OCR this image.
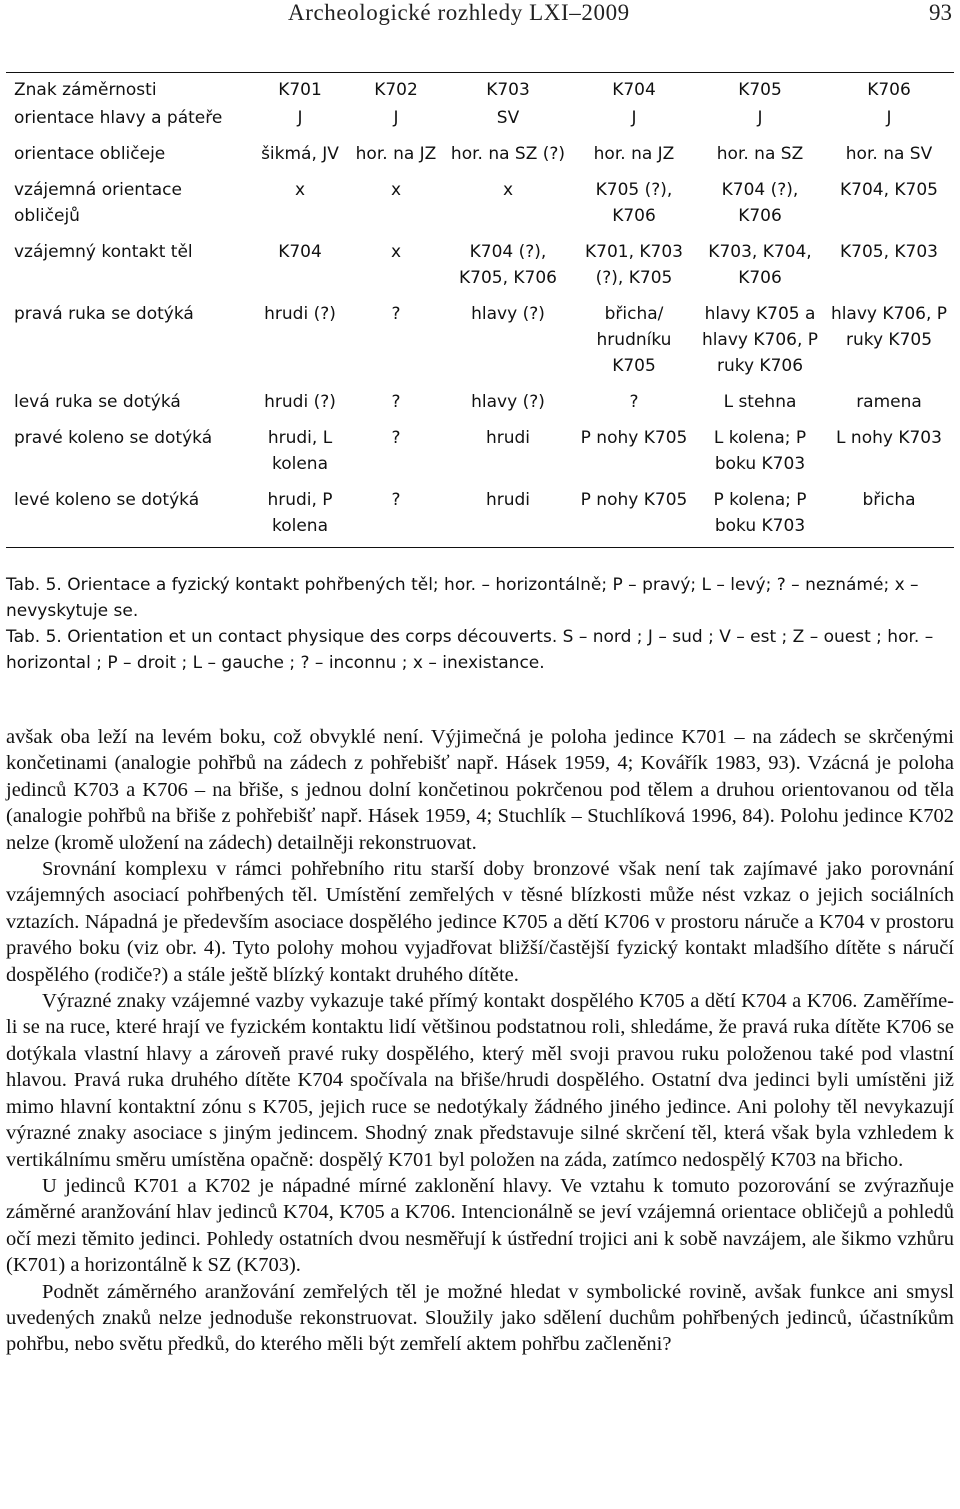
Archeologické rozhledy LXI–2009	93
Znak záměrnosti	K701	K702	K703	K704	K705	K706
orientace hlavy a páteře	J	J	SV	J	J	J
orientace obličeje	šikmá, JV	hor. na JZ	hor. na SZ (?)	hor. na JZ	hor. na SZ	hor. na SV
vzájemná orientace obličejů	x	x	x	K705 (?), K706	K704 (?), K706	K704, K705
vzájemný kontakt těl	K704	x	K704 (?), K705, K706	K701, K703 (?), K705	K703, K704, K706	K705, K703
pravá ruka se dotýká	hrudi (?)	?	hlavy (?)	břicha/ hrudníku K705	hlavy K705 a hlavy K706, P ruky K706	hlavy K706, P ruky K705
levá ruka se dotýká	hrudi (?)	?	hlavy (?)	?	L stehna	ramena
pravé koleno se dotýká	hrudi, L kolena	?	hrudi	P nohy K705	L kolena; P boku K703	L nohy K703
levé koleno se dotýká	hrudi, P kolena	?	hrudi	P nohy K705	P kolena; P boku K703	břicha

Tab. 5. Orientace a fyzický kontakt pohřbených těl; hor. – horizontálně; P – pravý; L – levý; ? – neznámé; x – nevyskytuje se.

Tab. 5. Orientation et un contact physique des corps découverts. S – nord ; J – sud ; V – est ; Z – ouest ; hor. – horizontal ; P – droit ; L – gauche ; ? – inconnu ; x – inexistance.

avšak oba leží na levém boku, což obvyklé není. Výjimečná je poloha jedince K701 – na zádech se skrčenými končetinami (analogie pohřbů na zádech z pohřebišť např. Hásek 1959, 4; Kovářík 1983, 93). Vzácná je poloha jedinců K703 a K706 – na břiše, s jednou dolní končetinou pokrčenou pod tělem a druhou orientovanou od těla (analogie pohřbů na břiše z pohřebišť např. Hásek 1959, 4; Stuchlík – Stuchlíková 1996, 84). Polohu jedince K702 nelze (kromě uložení na zádech) detailněji rekonstruovat.

Srovnání komplexu v rámci pohřebního ritu starší doby bronzové však není tak zajímavé jako porovnání vzájemných asociací pohřbených těl. Umístění zemřelých v těsné blízkosti může nést vzkaz o jejich sociálních vztazích. Nápadná je především asociace dospělého jedince K705 a dětí K706 v prostoru náruče a K704 v prostoru pravého boku (viz obr. 4). Tyto polohy mohou vyjadřovat bližší/častější fyzický kontakt mladšího dítěte s náručí dospělého (rodiče?) a stále ještě blízký kontakt druhého dítěte.

Výrazné znaky vzájemné vazby vykazuje také přímý kontakt dospělého K705 a dětí K704 a K706. Zaměříme-li se na ruce, které hrají ve fyzickém kontaktu lidí většinou podstatnou roli, shledáme, že pravá ruka dítěte K706 se dotýkala vlastní hlavy a zároveň pravé ruky dospělého, který měl svoji pravou ruku položenou také pod vlastní hlavou. Pravá ruka druhého dítěte K704 spočívala na břiše/hrudi dospělého. Ostatní dva jedinci byli umístěni již mimo hlavní kontaktní zónu s K705, jejich ruce se nedotýkaly žádného jiného jedince. Ani polohy těl nevykazují výrazné znaky asociace s jiným jedincem. Shodný znak představuje silné skrčení těl, která však byla vzhledem k vertikálnímu směru umístěna opačně: dospělý K701 byl položen na záda, zatímco nedospělý K703 na břicho.

U jedinců K701 a K702 je nápadné mírné zaklonění hlavy. Ve vztahu k tomuto pozorování se zvýrazňuje záměrné aranžování hlav jedinců K704, K705 a K706. Intencionálně se jeví vzájemná orientace obličejů a pohledů očí mezi těmito jedinci. Pohledy ostatních dvou nesměřují k ústřední trojici ani k sobě navzájem, ale šikmo vzhůru (K701) a horizontálně k SZ (K703).

Podnět záměrného aranžování zemřelých těl je možné hledat v symbolické rovině, avšak funkce ani smysl uvedených znaků nelze jednoduše rekonstruovat. Sloužily jako sdělení duchům pohřbených jedinců, účastníkům pohřbu, nebo světu předků, do kterého měli být zemřelí aktem pohřbu začleněni?
